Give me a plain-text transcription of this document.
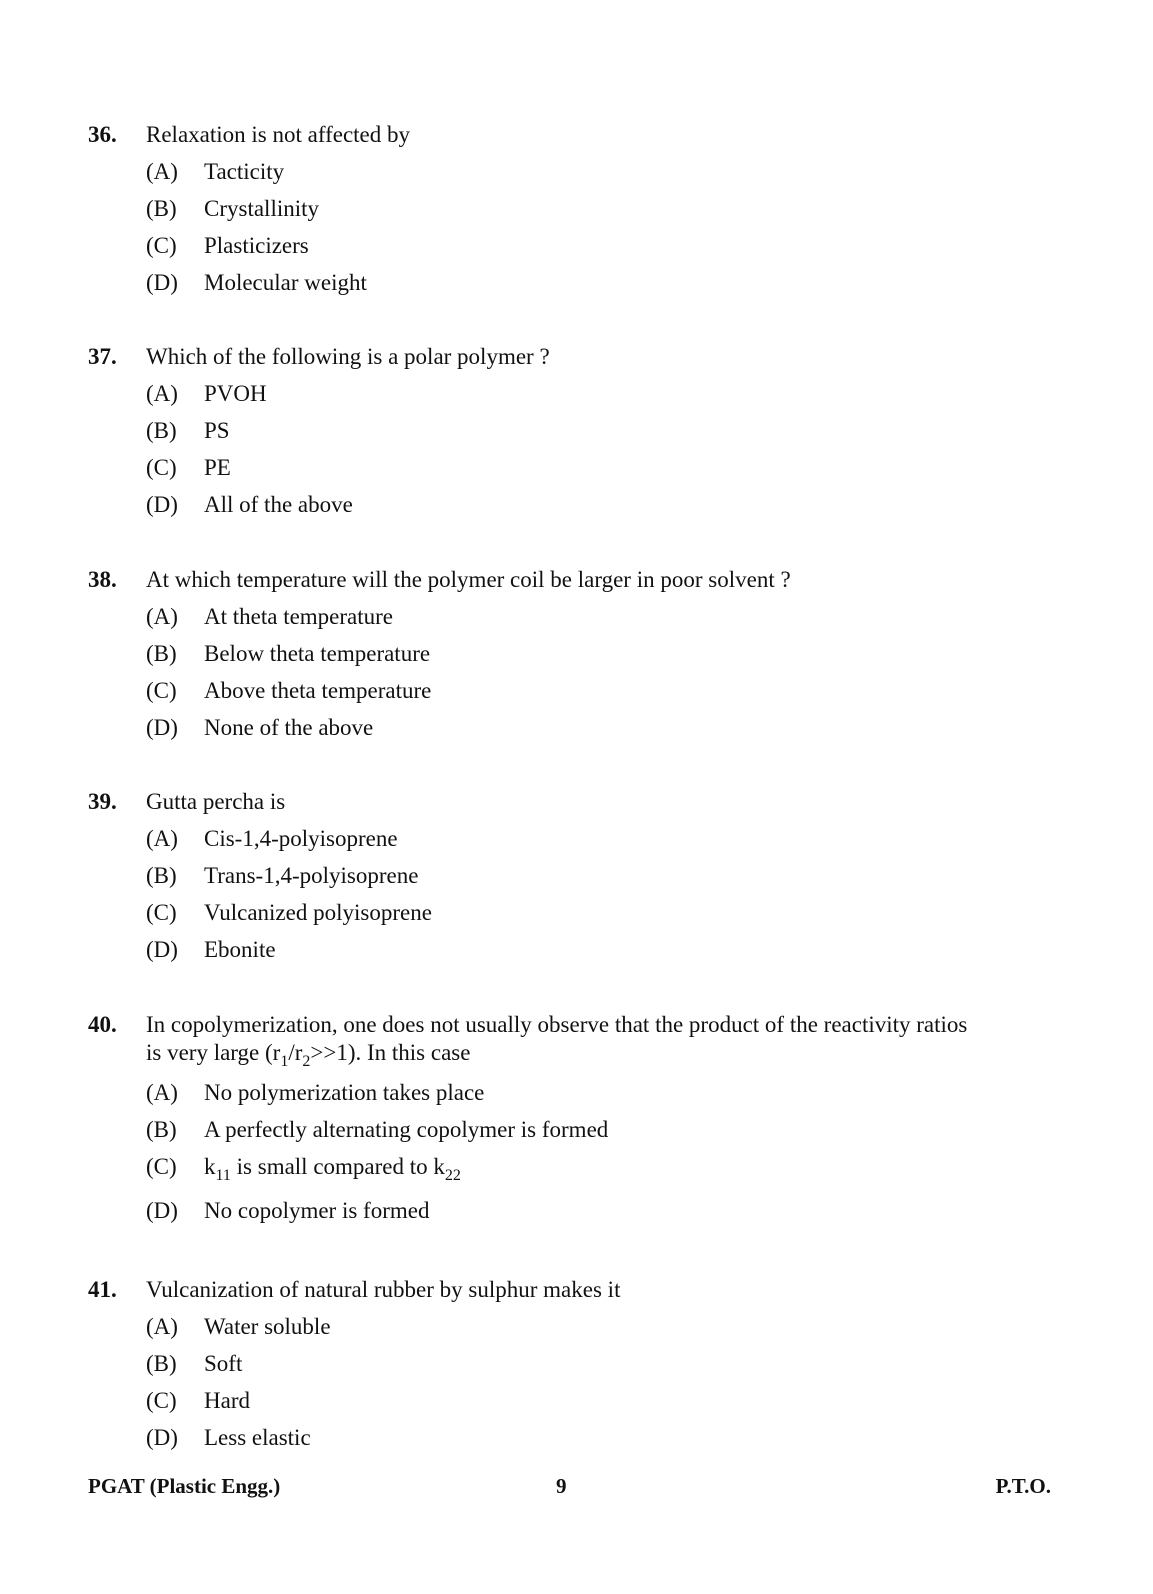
36. Relaxation is not affected by
(A) Tacticity
(B) Crystallinity
(C) Plasticizers
(D) Molecular weight
37. Which of the following is a polar polymer ?
(A) PVOH
(B) PS
(C) PE
(D) All of the above
38. At which temperature will the polymer coil be larger in poor solvent ?
(A) At theta temperature
(B) Below theta temperature
(C) Above theta temperature
(D) None of the above
39. Gutta percha is
(A) Cis-1,4-polyisoprene
(B) Trans-1,4-polyisoprene
(C) Vulcanized polyisoprene
(D) Ebonite
40. In copolymerization, one does not usually observe that the product of the reactivity ratios
is very large $(r_1/r_2>>1)$. In this case
(A) No polymerization takes place
(B) A perfectly alternating copolymer is formed
(C) $k_{11}$ is small compared to $k_{22}$
(D) No copolymer is formed
41. Vulcanization of natural rubber by sulphur makes it
(A) Water soluble
(B) Soft
(C) Hard
(D) Less elastic
PGAT (Plastic Engg.)	9	P.T.O.
